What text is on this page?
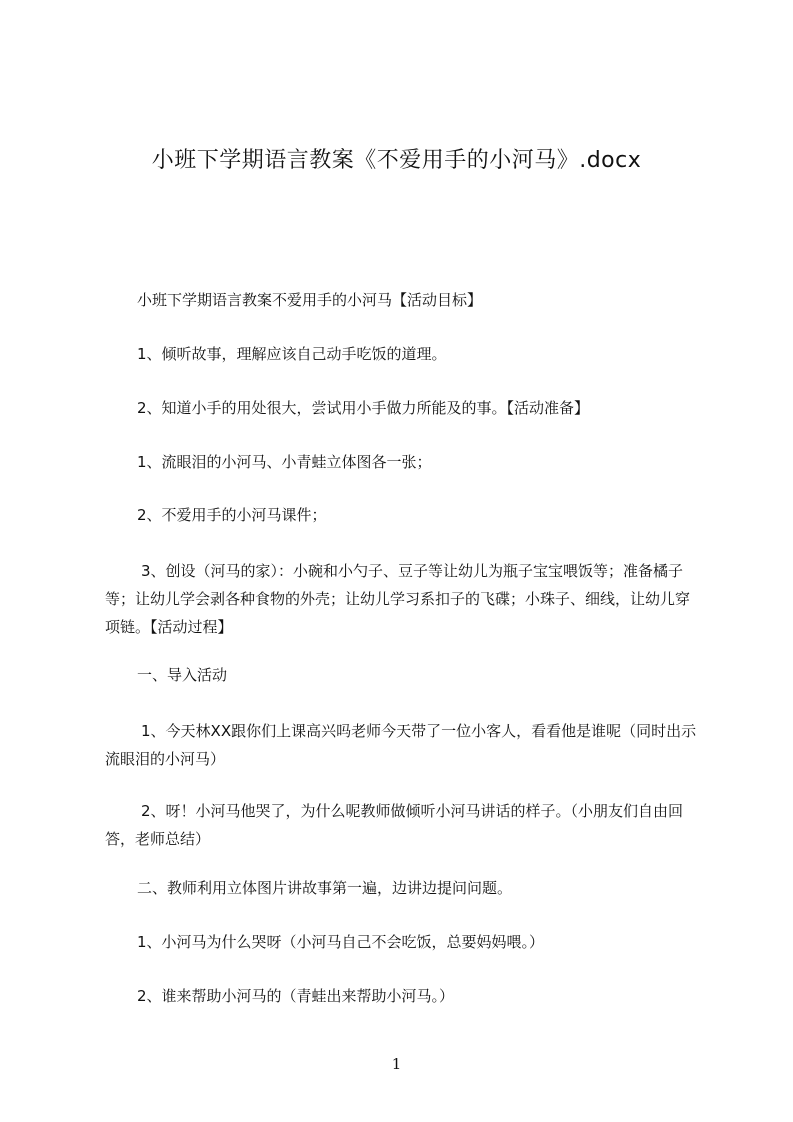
小班下学期语言教案《不爱用手的小河马》.docx
小班下学期语言教案不爱用手的小河马【活动目标】
1、倾听故事，理解应该自己动手吃饭的道理。
2、知道小手的用处很大，尝试用小手做力所能及的事。【活动准备】
1、流眼泪的小河马、小青蛙立体图各一张；
2、不爱用手的小河马课件；
3、创设（河马的家）：小碗和小勺子、豆子等让幼儿为瓶子宝宝喂饭等；准备橘子等；让幼儿学会剥各种食物的外壳；让幼儿学习系扣子的飞碟；小珠子、细线，让幼儿穿项链。【活动过程】
一、导入活动
1、今天林XX跟你们上课高兴吗老师今天带了一位小客人，看看他是谁呢（同时出示流眼泪的小河马）
2、呀！小河马他哭了，为什么呢教师做倾听小河马讲话的样子。（小朋友们自由回答，老师总结）
二、教师利用立体图片讲故事第一遍，边讲边提问问题。
1、小河马为什么哭呀（小河马自己不会吃饭，总要妈妈喂。）
2、谁来帮助小河马的（青蛙出来帮助小河马。）
1
